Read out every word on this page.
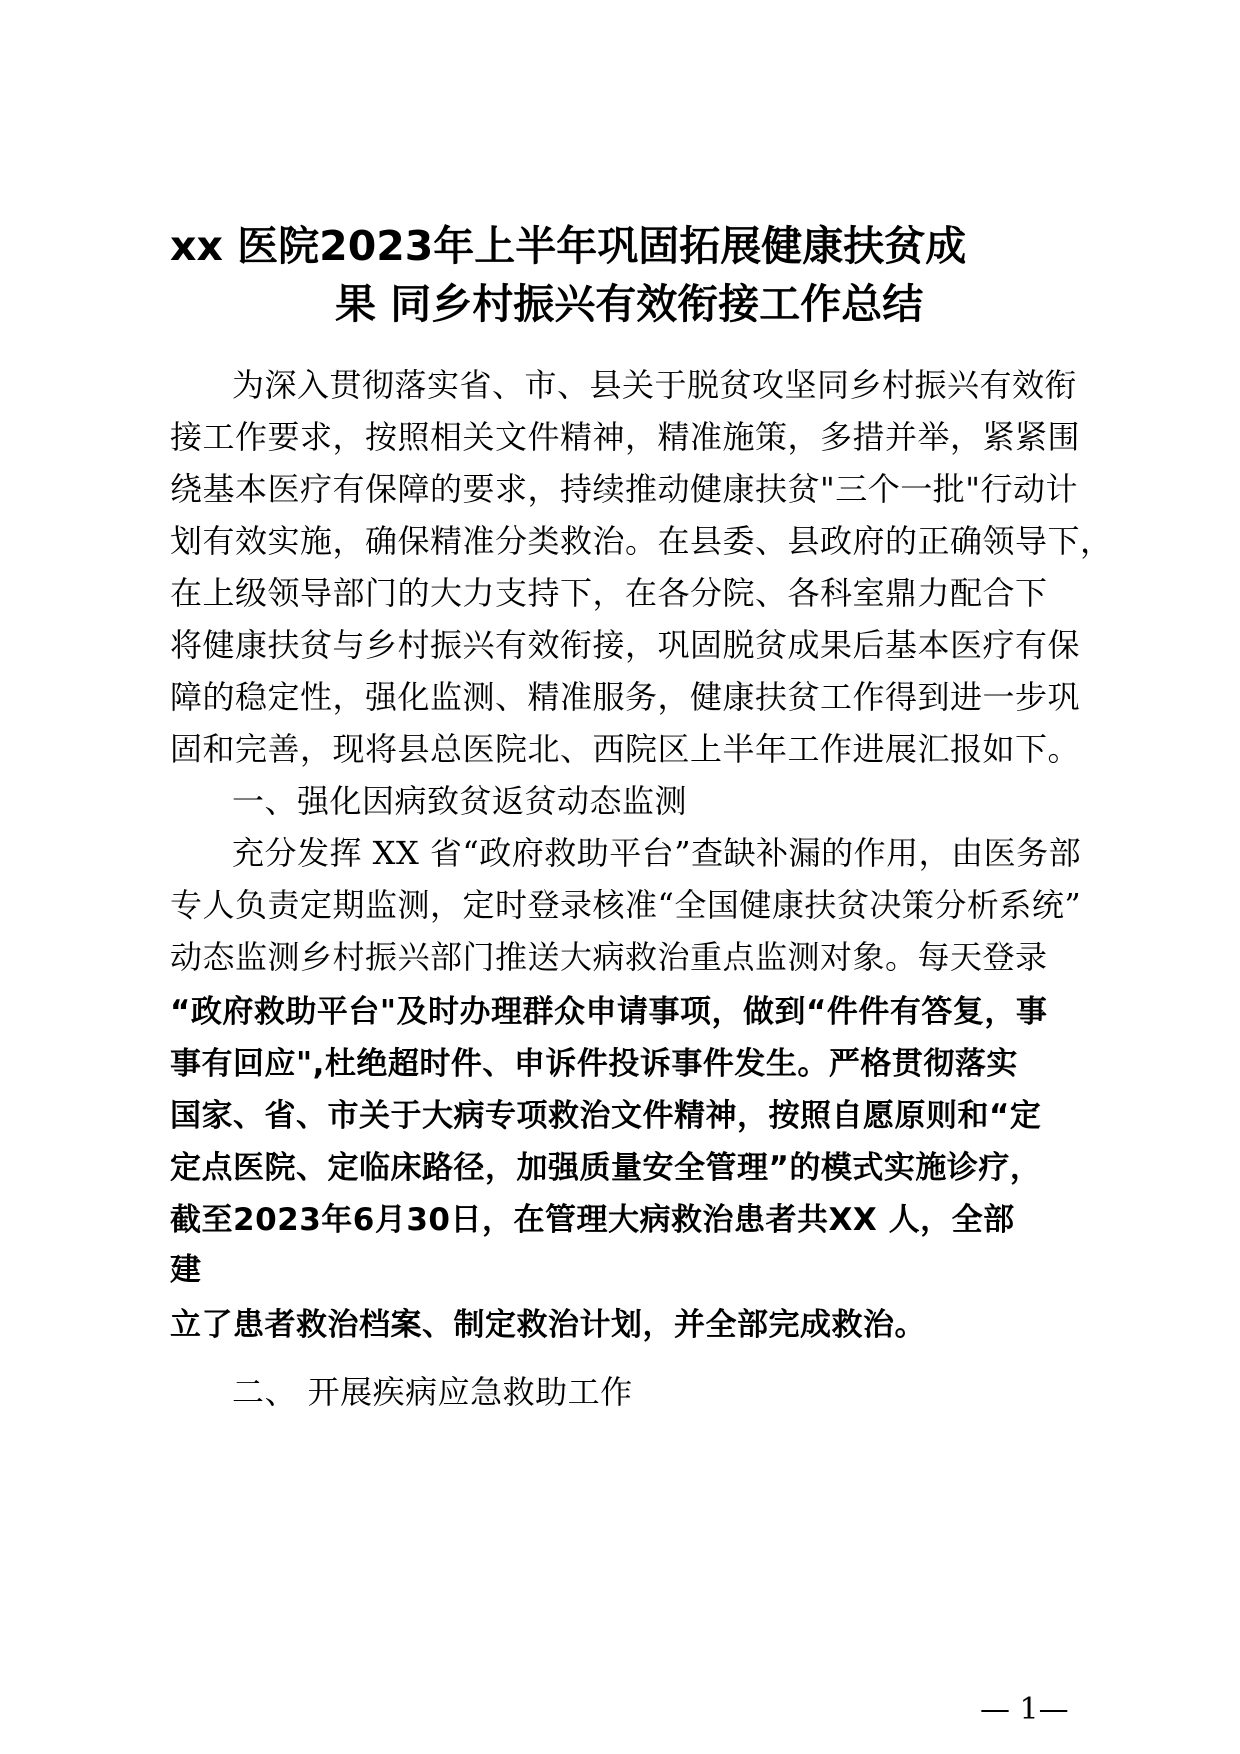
xx 医院2023年上半年巩固拓展健康扶贫成
果 同乡村振兴有效衔接工作总结
为深入贯彻落实省、市、县关于脱贫攻坚同乡村振兴有效衔
接工作要求，按照相关文件精神，精准施策，多措并举，紧紧围
绕基本医疗有保障的要求，持续推动健康扶贫"三个一批"行动计
划有效实施，确保精准分类救治。在县委、县政府的正确领导下，
在上级领导部门的大力支持下，在各分院、各科室鼎力配合下
将健康扶贫与乡村振兴有效衔接，巩固脱贫成果后基本医疗有保
障的稳定性，强化监测、精准服务，健康扶贫工作得到进一步巩
固和完善，现将县总医院北、西院区上半年工作进展汇报如下。
一、强化因病致贫返贫动态监测
充分发挥 XX 省“政府救助平台”查缺补漏的作用，由医务部
专人负责定期监测，定时登录核准“全国健康扶贫决策分析系统”
动态监测乡村振兴部门推送大病救治重点监测对象。每天登录
“政府救助平台"及时办理群众申请事项，做到“件件有答复，事
事有回应",杜绝超时件、申诉件投诉事件发生。严格贯彻落实
国家、省、市关于大病专项救治文件精神，按照自愿原则和“定
定点医院、定临床路径，加强质量安全管理”的模式实施诊疗，
截至2023年6月30日，在管理大病救治患者共XX 人，全部
建
立了患者救治档案、制定救治计划，并全部完成救治。
二、 开展疾病应急救助工作
— 1—
